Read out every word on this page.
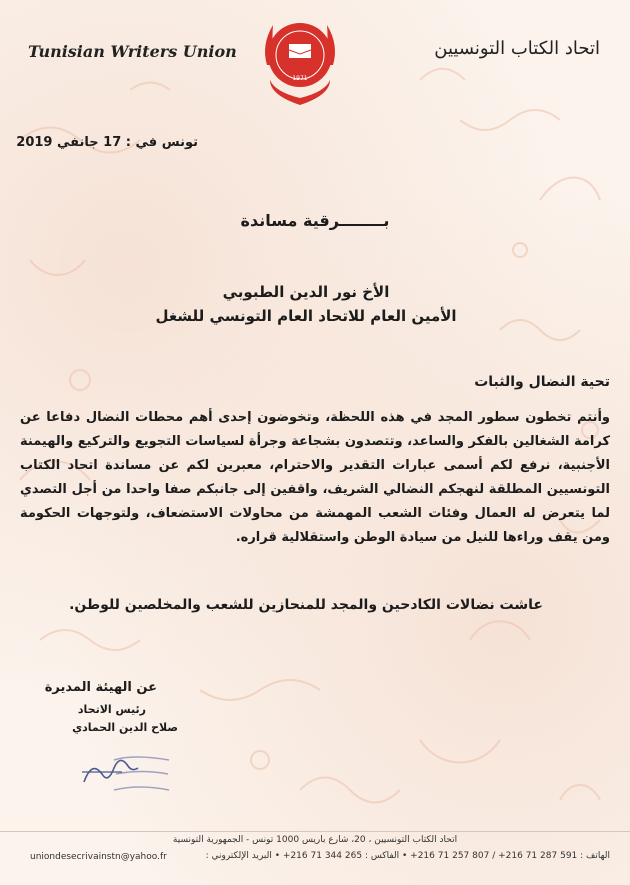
Tunisian Writers Union
1971
اتحاد الكتاب التونسيين
تونس في : 17 جانفي 2019
بــــــــرقية مساندة
الأخ نور الدين الطبوبي
الأمين العام للاتحاد العام التونسي للشغل
تحية النضال والثبات
وأنتم تخطون سطور المجد في هذه اللحظة، وتخوضون إحدى أهم محطات النضال دفاعا عن كرامة الشغالين بالفكر والساعد، وتتصدون بشجاعة وجرأة لسياسات التجويع والتركيع والهيمنة الأجنبية، نرفع لكم أسمى عبارات التقدير والاحترام، معبرين لكم عن مساندة اتحاد الكتاب التونسيين المطلقة لنهجكم النضالي الشريف، واقفين إلى جانبكم صفا واحدا من أجل التصدي لما يتعرض له العمال وفئات الشعب المهمشة من محاولات الاستضعاف، ولتوجهات الحكومة ومن يقف وراءها للنيل من سيادة الوطن واستقلالية قراره.
عاشت نضالات الكادحين والمجد للمنحازين للشعب والمخلصين للوطن.
عن الهيئة المديرة
رئيس الاتحاد
صلاح الدين الحمادي
اتحاد الكتاب التونسيين ، 20، شارع باريس 1000 تونس - الجمهورية التونسية
الهاتف : 591 287 71 216+ / 807 257 71 216+ • الفاكس : 265 344 71 216+ • البريد الإلكتروني :
uniondesecrivainstn@yahoo.fr
